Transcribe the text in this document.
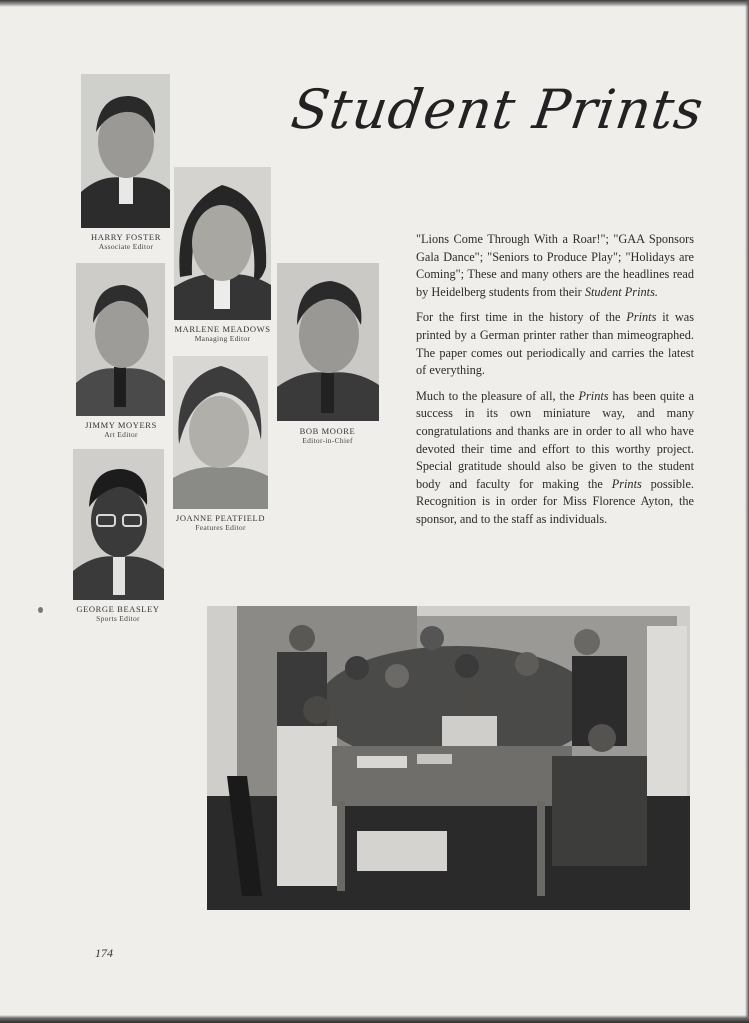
Student Prints
HARRY FOSTER
Associate Editor
MARLENE MEADOWS
Managing Editor
JIMMY MOYERS
Art Editor	BOB MOORE
Editor-in-Chief
JOANNE PEATFIELD
Features Editor
GEORGE BEASLEY
Sports Editor

"Lions Come Through With a Roar!"; "GAA Sponsors Gala Dance"; "Seniors to Produce Play"; "Holidays are Coming"; These and many others are the headlines read by Heidelberg students from their Student Prints.

For the first time in the history of the Prints it was printed by a German printer rather than mimeographed. The paper comes out periodically and carries the latest of everything.

Much to the pleasure of all, the Prints has been quite a success in its own miniature way, and many congratulations and thanks are in order to all who have devoted their time and effort to this worthy project. Special gratitude should also be given to the student body and faculty for making the Prints possible. Recognition is in order for Miss Florence Ayton, the sponsor, and to the staff as individuals.

174
